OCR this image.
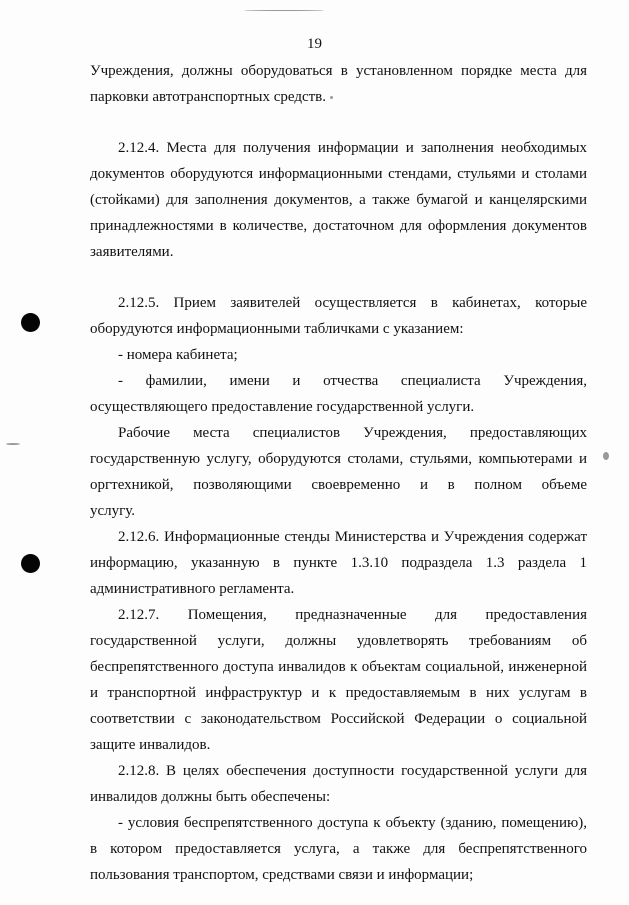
19
Учреждения, должны оборудоваться в установленном порядке места для
парковки автотранспортных средств.
2.12.4. Места для получения информации и заполнения необходимых
документов оборудуются информационными стендами, стульями и столами
(стойками) для заполнения документов, а также бумагой и канцелярскими
принадлежностями в количестве, достаточном для оформления документов
заявителями.
2.12.5. Прием заявителей осуществляется в кабинетах, которые
оборудуются информационными табличками с указанием:
- номера кабинета;
- фамилии, имени и отчества специалиста Учреждения,
осуществляющего предоставление государственной услуги.
Рабочие места специалистов Учреждения, предоставляющих
государственную услугу, оборудуются столами, стульями, компьютерами и
оргтехникой, позволяющими своевременно и в полном объеме
услугу.
2.12.6. Информационные стенды Министерства и Учреждения содержат
информацию, указанную в пункте 1.3.10 подраздела 1.3 раздела 1
административного регламента.
2.12.7. Помещения, предназначенные для предоставления
государственной услуги, должны удовлетворять требованиям об
беспрепятственного доступа инвалидов к объектам социальной, инженерной
и транспортной инфраструктур и к предоставляемым в них услугам в
соответствии с законодательством Российской Федерации о социальной
защите инвалидов.
2.12.8. В целях обеспечения доступности государственной услуги для
инвалидов должны быть обеспечены:
- условия беспрепятственного доступа к объекту (зданию, помещению),
в котором предоставляется услуга, а также для беспрепятственного
пользования транспортом, средствами связи и информации;
